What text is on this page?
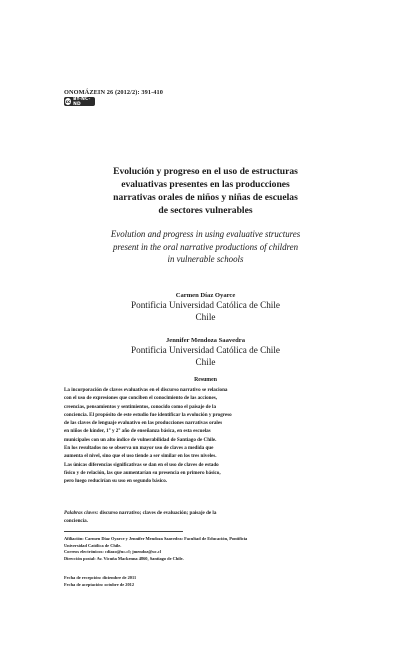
ONOMÁZEIN 26 (2012/2): 391-410
cc BY-NC-ND
Evolución y progreso en el uso de estructuras
evaluativas presentes en las producciones
narrativas orales de niños y niñas de escuelas
de sectores vulnerables
Evolution and progress in using evaluative structures
present in the oral narrative productions of children
in vulnerable schools
Carmen Díaz Oyarce
Pontificia Universidad Católica de Chile
Chile
Jennifer Mendoza Saavedra
Pontificia Universidad Católica de Chile
Chile
Resumen
La incorporación de claves evaluativas en el discurso narrativo se relaciona
con el uso de expresiones que conciben el conocimiento de las acciones,
creencias, pensamientos y sentimientos, conocido como el paisaje de la
conciencia. El propósito de este estudio fue identificar la evolución y progreso
de las claves de lenguaje evaluativo en las producciones narrativas orales
en niños de kínder, 1° y 2° año de enseñanza básica, en esta escuelas
municipales con un alto índice de vulnerabilidad de Santiago de Chile.
En los resultados no se observa un mayor uso de claves a medida que
aumenta el nivel, sino que el uso tiende a ser similar en los tres niveles.
Las únicas diferencias significativas se dan en el uso de claves de estado
físico y de relación, las que aumentarían su presencia en primero básico,
pero luego reducirían su uso en segundo básico.
Palabras claves: discurso narrativo; claves de evaluación; paisaje de la
conciencia.
Afiliación: Carmen Díaz Oyarce y Jennifer Mendoza Saavedra: Facultad de Educación, Pontificia
Universidad Católica de Chile.
Correos electrónicos: cdiazo@uc.cl; jmendoz@uc.cl
Dirección postal: Av. Vicuña Mackenna 4860, Santiago de Chile.
Fecha de recepción: diciembre de 2011
Fecha de aceptación: octubre de 2012
